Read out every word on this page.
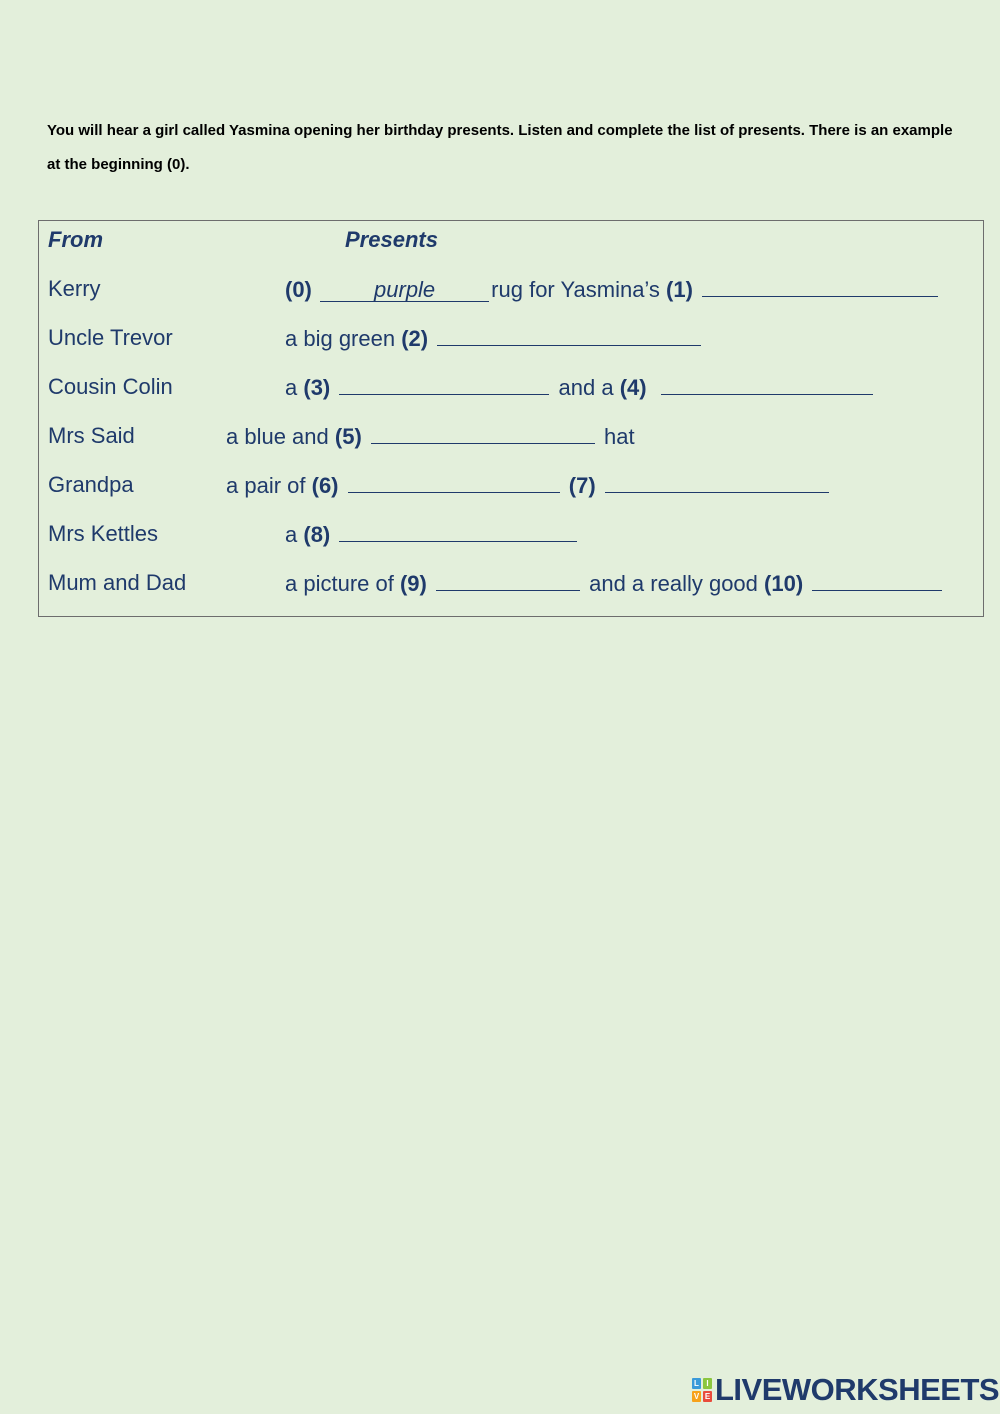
You will hear a girl called Yasmina opening her birthday presents. Listen and complete the list of presents. There is an example at the beginning (0).

From	Presents
Kerry	(0)	purple	rug for Yasmina’s (1)
Uncle Trevor	a big green (2)
Cousin Colin	a (3)	and a (4)
Mrs Said	a blue and (5)	hat
Grandpa	a pair of (6)	(7)
Mrs Kettles	a (8)
Mum and Dad	a picture of (9)	and a really good (10)
L I
V E LIVEWORKSHEETS
